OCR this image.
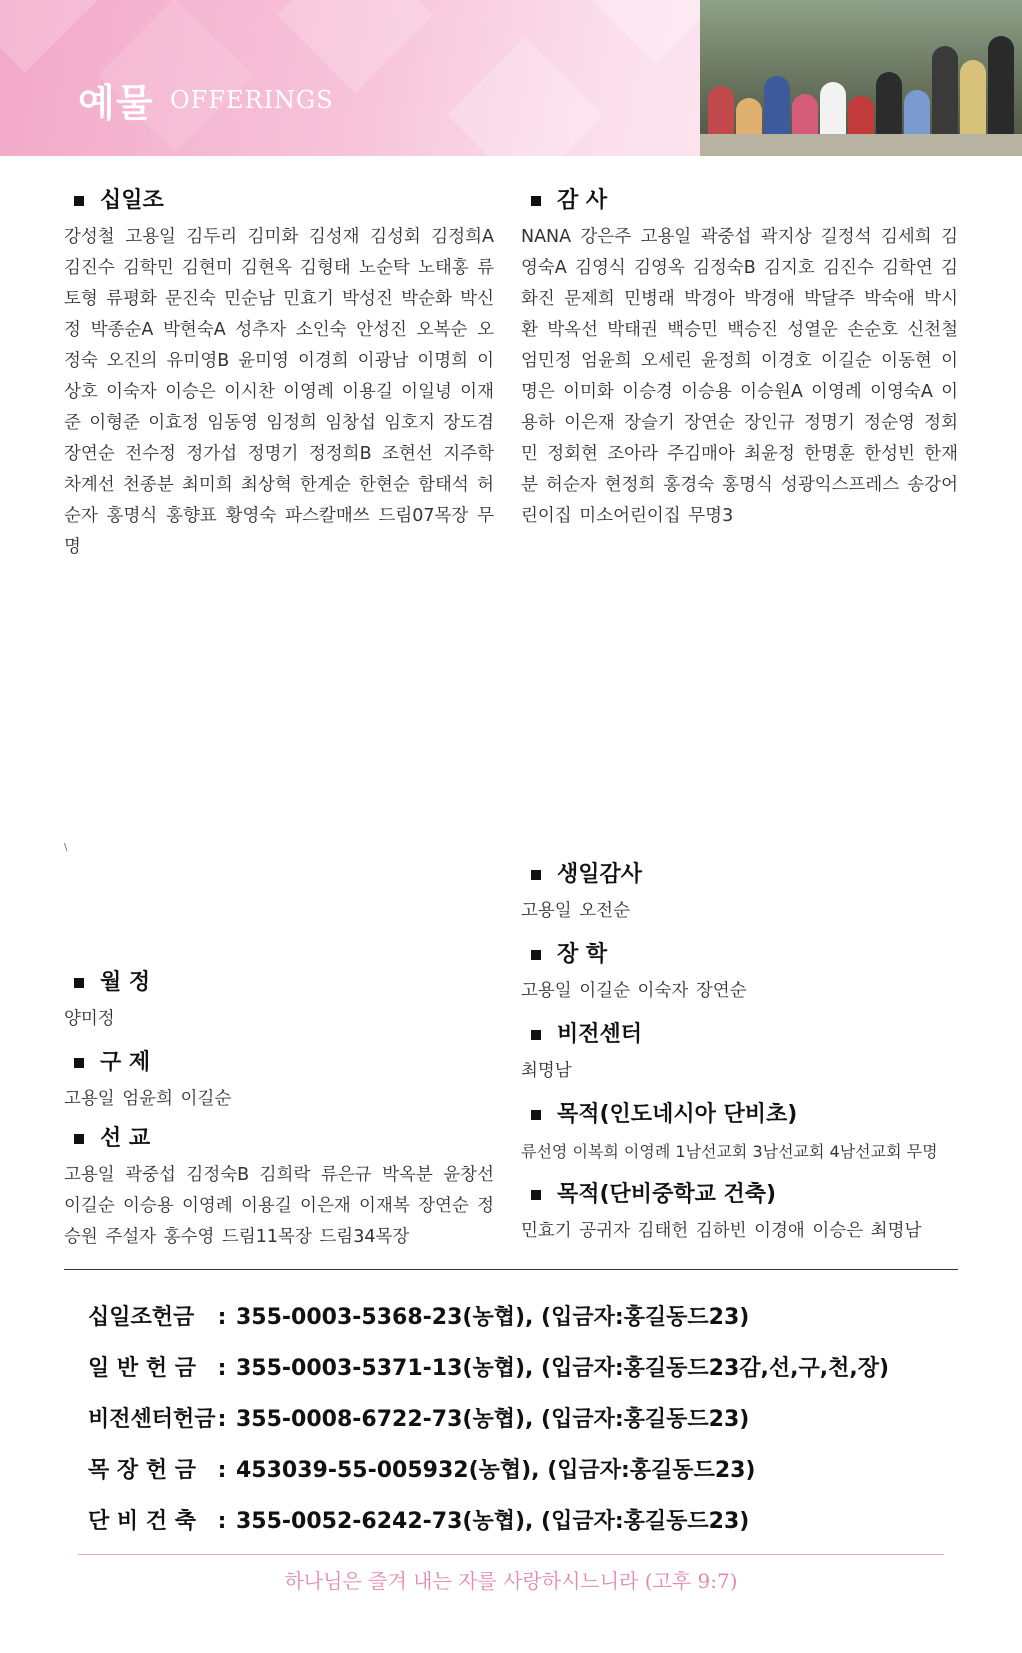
예물 OFFERINGS
십일조
강성철 고용일 김두리 김미화 김성재 김성회 김정희A 김진수 김학민 김현미 김현옥 김형태 노순탁 노태홍 류토형 류평화 문진숙 민순남 민효기 박성진 박순화 박신정 박종순A 박현숙A 성추자 소인숙 안성진 오복순 오정숙 오진의 유미영B 윤미영 이경희 이광남 이명희 이상호 이숙자 이승은 이시찬 이영례 이용길 이일녕 이재준 이형준 이효정 임동영 임정희 임창섭 임호지 장도겸 장연순 전수정 정가섭 정명기 정정희B 조현선 지주학 차계선 천종분 최미희 최상혁 한계순 한현순 함태석 허순자 홍명식 홍향표 황영숙 파스칼매쓰 드림07목장 무명
감 사
NANA 강은주 고용일 곽중섭 곽지상 길정석 김세희 김영숙A 김영식 김영옥 김정숙B 김지호 김진수 김학연 김화진 문제희 민병래 박경아 박경애 박달주 박숙애 박시환 박옥선 박태권 백승민 백승진 성열운 손순호 신천철 엄민정 엄윤희 오세린 윤정희 이경호 이길순 이동현 이명은 이미화 이승경 이승용 이승원A 이영례 이영숙A 이용하 이은재 장슬기 장연순 장인규 정명기 정순영 정회민 정회현 조아라 주김매아 최윤정 한명훈 한성빈 한재분 허순자 현정희 홍경숙 홍명식 성광익스프레스 송강어린이집 미소어린이집 무명3
\
월 정
양미정
구 제
고용일 엄윤희 이길순
선 교
고용일 곽중섭 김정숙B 김희락 류은규 박옥분 윤창선 이길순 이승용 이영례 이용길 이은재 이재복 장연순 정승원 주설자 홍수영 드림11목장 드림34목장
생일감사
고용일 오전순
장 학
고용일 이길순 이숙자 장연순
비전센터
최명남
목적(인도네시아 단비초)
류선영 이복희 이영례 1남선교회 3남선교회 4남선교회 무명
목적(단비중학교 건축)
민효기 공귀자 김태헌 김하빈 이경애 이승은 최명남
십일조헌금 : 355-0003-5368-23(농협), (입금자:홍길동드23)
일 반 헌 금 : 355-0003-5371-13(농협), (입금자:홍길동드23감,선,구,천,장)
비전센터헌금: 355-0008-6722-73(농협), (입금자:홍길동드23)
목 장 헌 금 : 453039-55-005932(농협), (입금자:홍길동드23)
단 비 건 축 : 355-0052-6242-73(농협), (입금자:홍길동드23)
하나님은 즐겨 내는 자를 사랑하시느니라 (고후 9:7)
